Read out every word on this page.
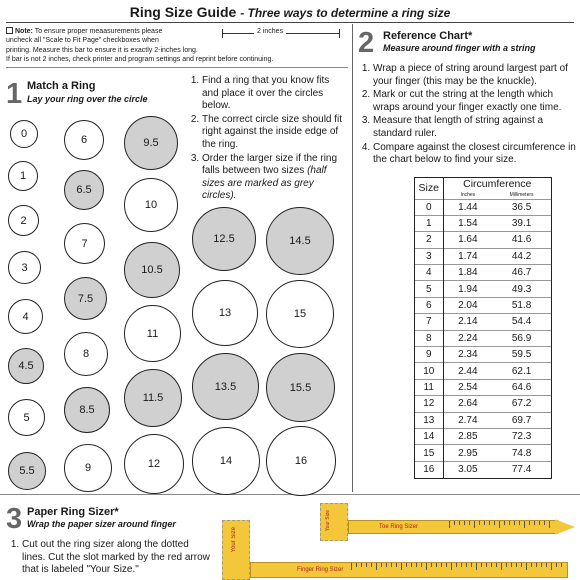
Ring Size Guide - Three ways to determine a ring size
Note: To ensure proper meaasurements please
uncheck all "Scale to Fit Page" checkboxes when
printing. Measure this bar to ensure it is exactly 2-inches long.
If bar is not 2 inches, check printer and program settings and reprint before continuing.
2 inches
1 Match a Ring
Lay your ring over the circle
1. Find a ring that you know fits and place it over the circles below.
2. The correct circle size should fit right against the inside edge of the ring.
3. Order the larger size if the ring falls between two sizes (half sizes are marked as grey circles).
0
1
2
3
4
4.5
5
5.5
6
6.5
7
7.5
8
8.5
9
9.5
10
10.5
11
11.5
12
12.5
13
13.5
14
14.5
15
15.5
16
2 Reference Chart*
Measure around finger with a string
1. Wrap a piece of string around largest part of your finger (this may be the knuckle).
2. Mark or cut the string at the length which wraps around your finger exactly one time.
3. Measure that length of string against a standard ruler.
4. Compare against the closest circumference in the chart below to find your size.
Size	Circumference	
	Inches	Millimeters
0	1.44	36.5
1	1.54	39.1
2	1.64	41.6
3	1.74	44.2
4	1.84	46.7
5	1.94	49.3
6	2.04	51.8
7	2.14	54.4
8	2.24	56.9
9	2.34	59.5
10	2.44	62.1
11	2.54	64.6
12	2.64	67.2
13	2.74	69.7
14	2.85	72.3
15	2.95	74.8
16	3.05	77.4
3 Paper Ring Sizer*
Wrap the paper sizer around finger
1. Cut out the ring sizer along the dotted lines. Cut the slot marked by the red arrow that is labeled "Your Size."
Your Size	Toe Ring Sizer
Your Size
Finger Ring Sizer
